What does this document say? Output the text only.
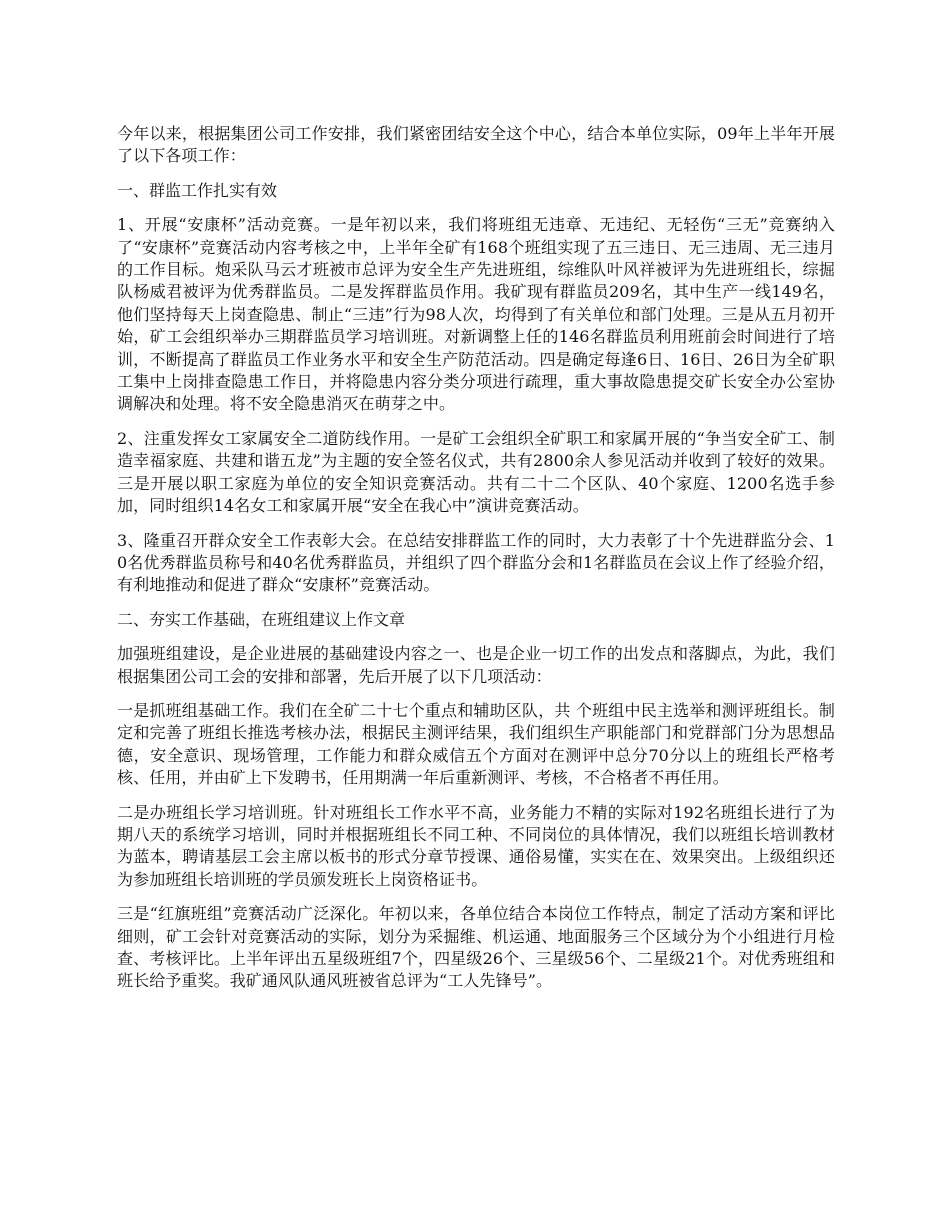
今年以来，根据集团公司工作安排，我们紧密团结安全这个中心，结合本单位实际，09年上半年开展了以下各项工作：

一、群监工作扎实有效

1、开展“安康杯”活动竞赛。一是年初以来，我们将班组无违章、无违纪、无轻伤“三无”竞赛纳入了“安康杯”竞赛活动内容考核之中，上半年全矿有168个班组实现了五三违日、无三违周、无三违月的工作目标。炮采队马云才班被市总评为安全生产先进班组，综维队叶风祥被评为先进班组长，综掘队杨威君被评为优秀群监员。二是发挥群监员作用。我矿现有群监员209名，其中生产一线149名，他们坚持每天上岗查隐患、制止“三违”行为98人次，均得到了有关单位和部门处理。三是从五月初开始，矿工会组织举办三期群监员学习培训班。对新调整上任的146名群监员利用班前会时间进行了培训，不断提高了群监员工作业务水平和安全生产防范活动。四是确定每逢6日、16日、26日为全矿职工集中上岗排查隐患工作日，并将隐患内容分类分项进行疏理，重大事故隐患提交矿长安全办公室协调解决和处理。将不安全隐患消灭在萌芽之中。

2、注重发挥女工家属安全二道防线作用。一是矿工会组织全矿职工和家属开展的“争当安全矿工、制造幸福家庭、共建和谐五龙”为主题的安全签名仪式，共有2800余人参见活动并收到了较好的效果。三是开展以职工家庭为单位的安全知识竞赛活动。共有二十二个区队、40个家庭、1200名选手参加，同时组织14名女工和家属开展“安全在我心中”演讲竞赛活动。

3、隆重召开群众安全工作表彰大会。在总结安排群监工作的同时，大力表彰了十个先进群监分会、10名优秀群监员称号和40名优秀群监员，并组织了四个群监分会和1名群监员在会议上作了经验介绍，有利地推动和促进了群众“安康杯”竞赛活动。

二、夯实工作基础，在班组建议上作文章

加强班组建设，是企业进展的基础建设内容之一、也是企业一切工作的出发点和落脚点，为此，我们根据集团公司工会的安排和部署，先后开展了以下几项活动：

一是抓班组基础工作。我们在全矿二十七个重点和辅助区队，共 个班组中民主选举和测评班组长。制定和完善了班组长推选考核办法，根据民主测评结果，我们组织生产职能部门和党群部门分为思想品德，安全意识、现场管理，工作能力和群众威信五个方面对在测评中总分70分以上的班组长严格考核、任用，并由矿上下发聘书，任用期满一年后重新测评、考核，不合格者不再任用。

二是办班组长学习培训班。针对班组长工作水平不高，业务能力不精的实际对192名班组长进行了为期八天的系统学习培训，同时并根据班组长不同工种、不同岗位的具体情况，我们以班组长培训教材为蓝本，聘请基层工会主席以板书的形式分章节授课、通俗易懂，实实在在、效果突出。上级组织还为参加班组长培训班的学员颁发班长上岗资格证书。

三是“红旗班组”竞赛活动广泛深化。年初以来，各单位结合本岗位工作特点，制定了活动方案和评比细则，矿工会针对竞赛活动的实际，划分为采掘维、机运通、地面服务三个区域分为个小组进行月检查、考核评比。上半年评出五星级班组7个，四星级26个、三星级56个、二星级21个。对优秀班组和班长给予重奖。我矿通风队通风班被省总评为“工人先锋号”。
